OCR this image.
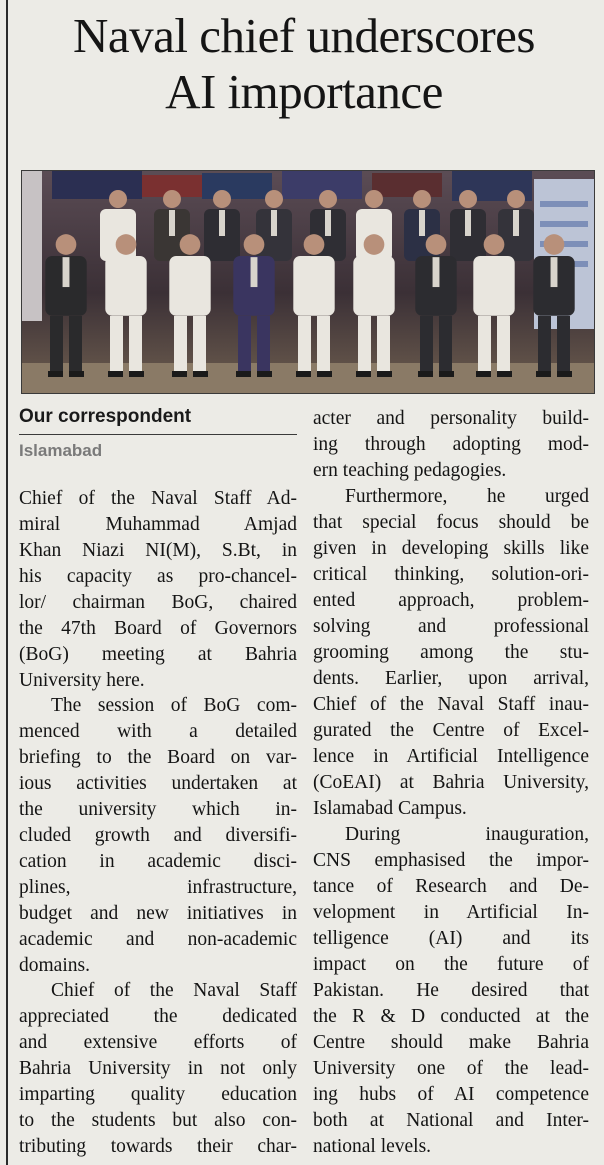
Naval chief underscores
AI importance
Our correspondent
Islamabad
Chief of the Naval Staff Ad-
miral Muhammad Amjad
Khan Niazi NI(M), S.Bt, in
his capacity as pro-chancel-
lor/ chairman BoG, chaired
the 47th Board of Governors
(BoG) meeting at Bahria
University here.
The session of BoG com-
menced with a detailed
briefing to the Board on var-
ious activities undertaken at
the university which in-
cluded growth and diversifi-
cation in academic disci-
plines, infrastructure,
budget and new initiatives in
academic and non-academic
domains.
Chief of the Naval Staff
appreciated the dedicated
and extensive efforts of
Bahria University in not only
imparting quality education
to the students but also con-
tributing towards their char-
acter and personality build-
ing through adopting mod-
ern teaching pedagogies.
Furthermore, he urged
that special focus should be
given in developing skills like
critical thinking, solution-ori-
ented approach, problem-
solving and professional
grooming among the stu-
dents. Earlier, upon arrival,
Chief of the Naval Staff inau-
gurated the Centre of Excel-
lence in Artificial Intelligence
(CoEAI) at Bahria University,
Islamabad Campus.
During inauguration,
CNS emphasised the impor-
tance of Research and De-
velopment in Artificial In-
telligence (AI) and its
impact on the future of
Pakistan. He desired that
the R & D conducted at the
Centre should make Bahria
University one of the lead-
ing hubs of AI competence
both at National and Inter-
national levels.
